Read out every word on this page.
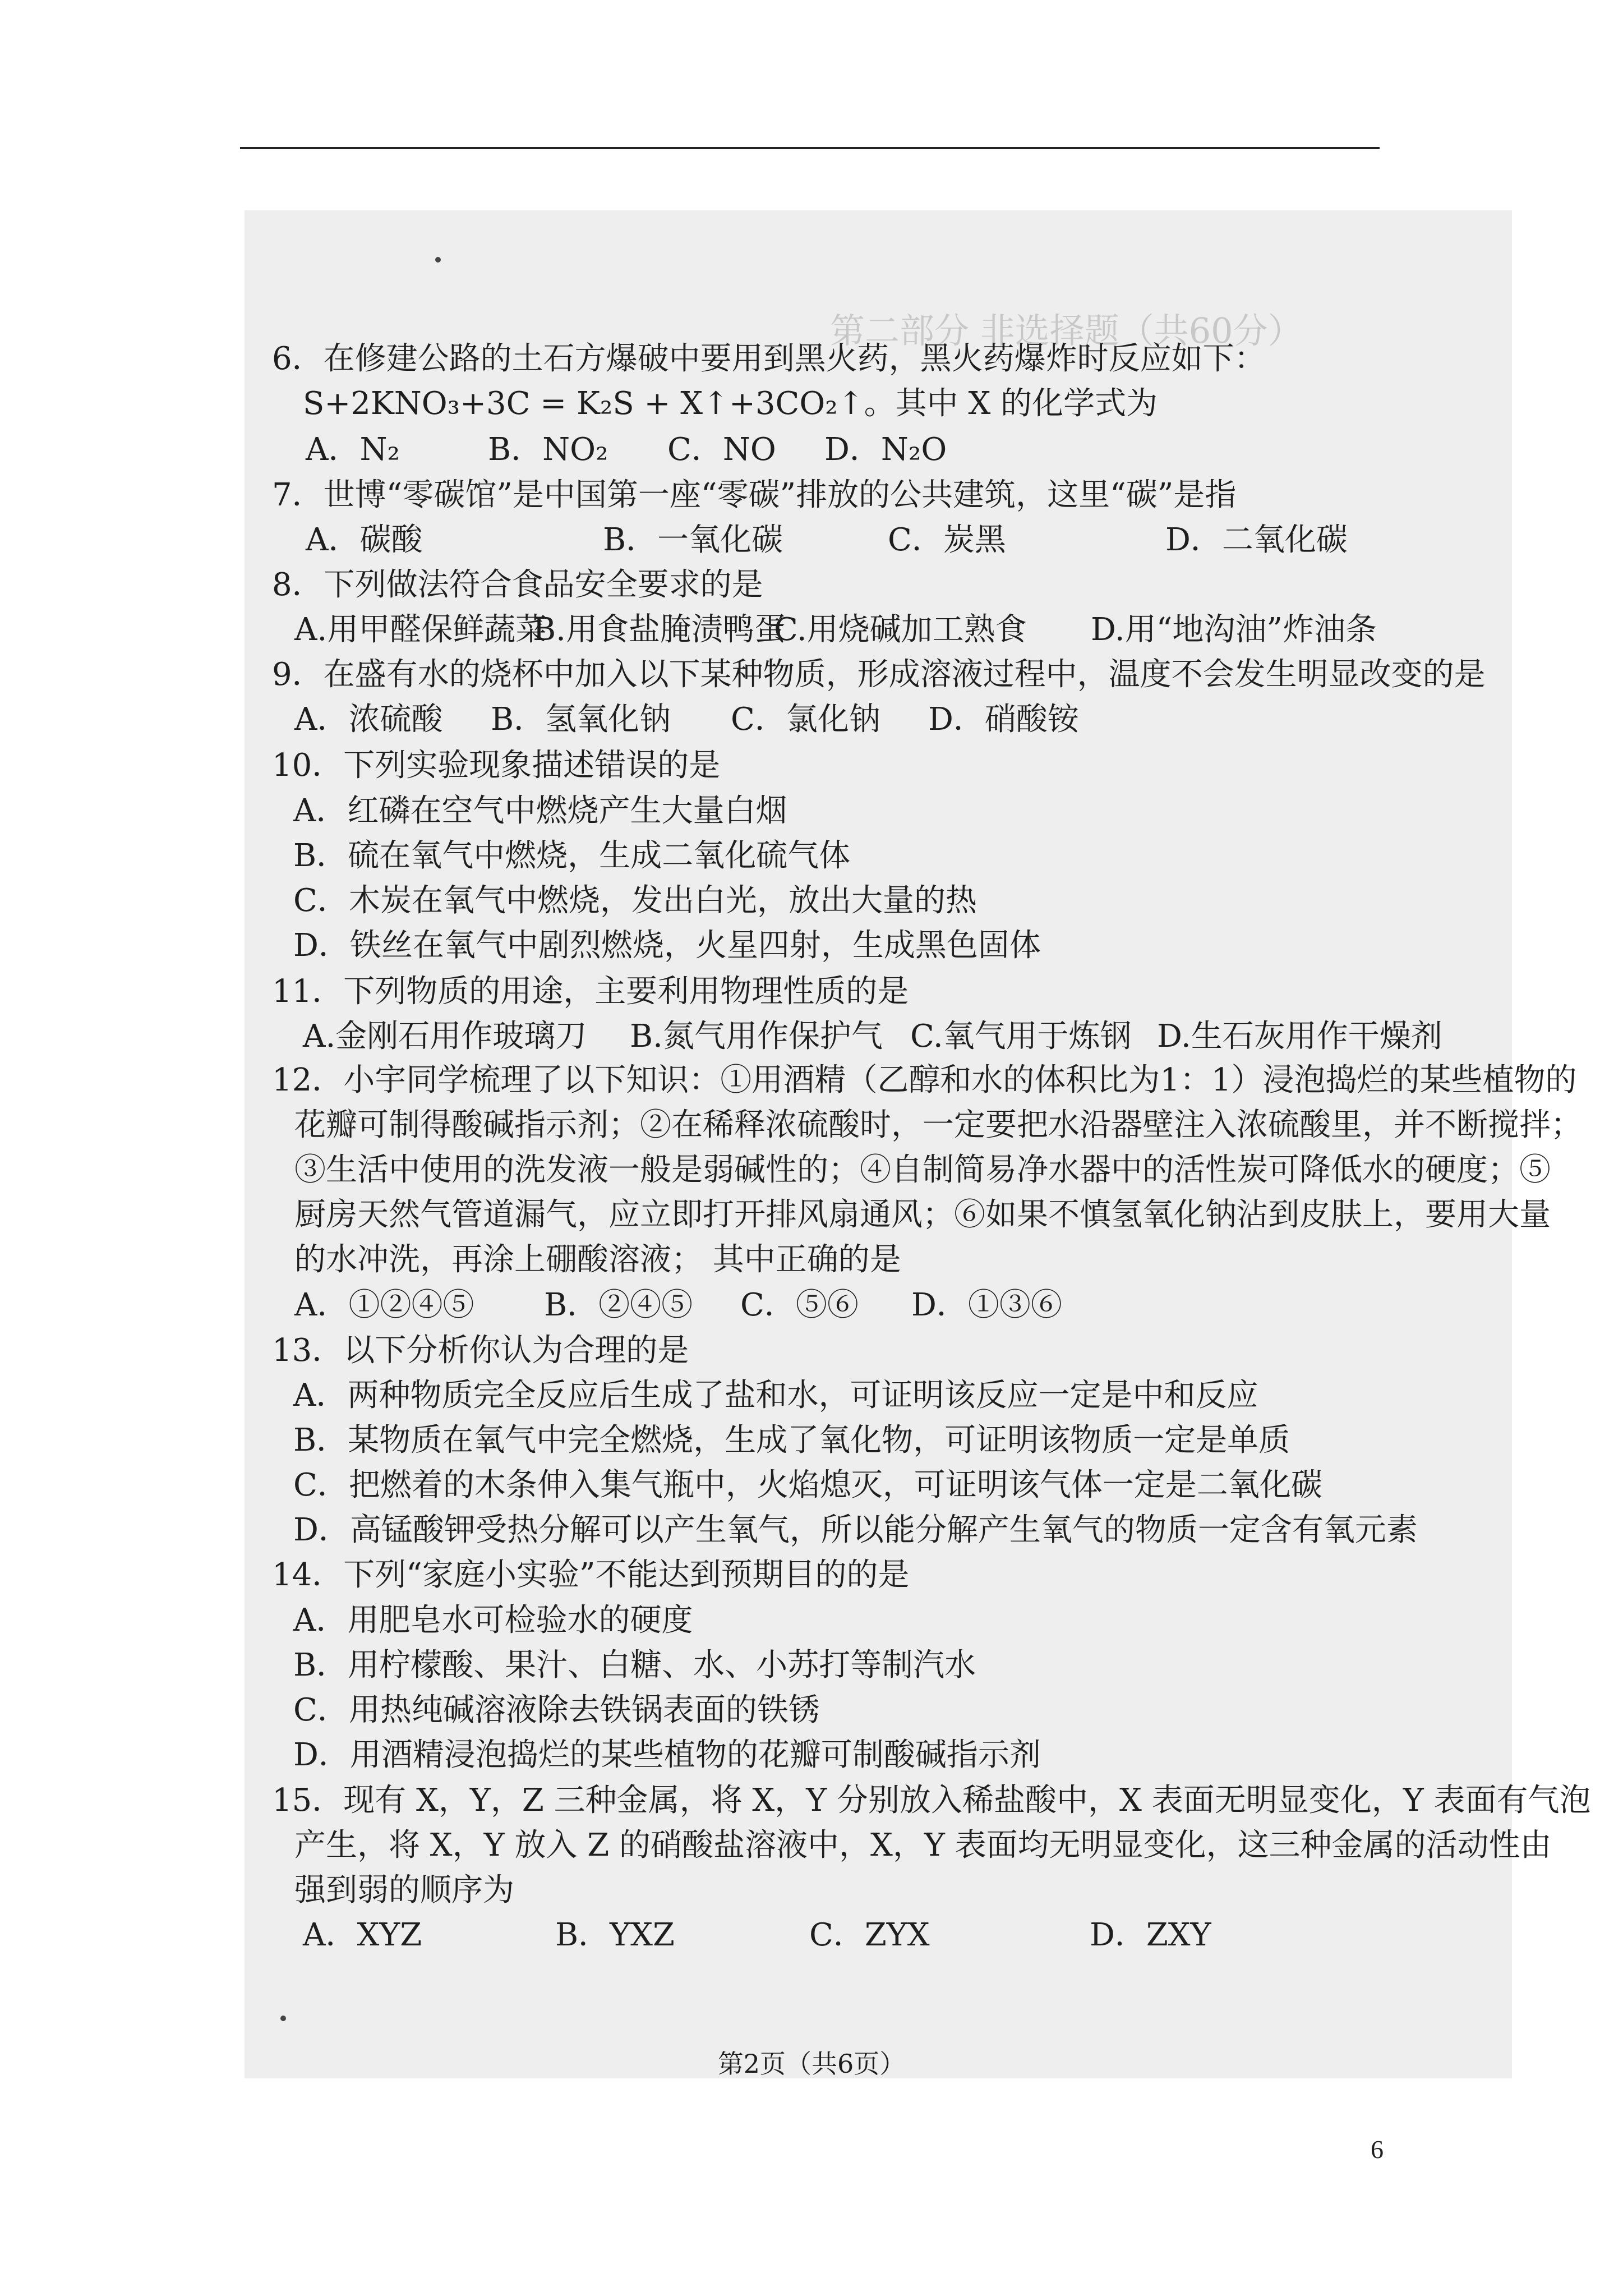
第二部分 非选择题（共60分）
6．在修建公路的土石方爆破中要用到黑火药，黑火药爆炸时反应如下：
S+2KNO₃+3C = K₂S + X↑+3CO₂↑。其中 X 的化学式为
A．N₂	B．NO₂ C．NO D．N₂O
7．世博“零碳馆”是中国第一座“零碳”排放的公共建筑，这里“碳”是指
A．碳酸	B．一氧化碳	C．炭黑	D．二氧化碳
8．下列做法符合食品安全要求的是
A.用甲醛保鲜蔬菜
B.用食盐腌渍鸭蛋
C.用烧碱加工熟食 D.用“地沟油”炸油条
9．在盛有水的烧杯中加入以下某种物质，形成溶液过程中，温度不会发生明显改变的是
A．浓硫酸 B．氢氧化钠 C．氯化钠 D．硝酸铵
10．下列实验现象描述错误的是
A．红磷在空气中燃烧产生大量白烟
B．硫在氧气中燃烧，生成二氧化硫气体
C．木炭在氧气中燃烧，发出白光，放出大量的热
D．铁丝在氧气中剧烈燃烧，火星四射，生成黑色固体
11．下列物质的用途，主要利用物理性质的是
A.金刚石用作玻璃刀 B.氮气用作保护气 C.氧气用于炼钢 D.生石灰用作干燥剂
12．小宇同学梳理了以下知识：①用酒精（乙醇和水的体积比为1：1）浸泡捣烂的某些植物的
花瓣可制得酸碱指示剂；②在稀释浓硫酸时，一定要把水沿器壁注入浓硫酸里，并不断搅拌；
③生活中使用的洗发液一般是弱碱性的；④自制简易净水器中的活性炭可降低水的硬度；⑤
厨房天然气管道漏气，应立即打开排风扇通风；⑥如果不慎氢氧化钠沾到皮肤上，要用大量
的水冲洗，再涂上硼酸溶液； 其中正确的是
A．①②④⑤ B．②④⑤ C．⑤⑥ D．①③⑥
13．以下分析你认为合理的是
A．两种物质完全反应后生成了盐和水，可证明该反应一定是中和反应
B．某物质在氧气中完全燃烧，生成了氧化物，可证明该物质一定是单质
C．把燃着的木条伸入集气瓶中，火焰熄灭，可证明该气体一定是二氧化碳
D．高锰酸钾受热分解可以产生氧气，所以能分解产生氧气的物质一定含有氧元素
14．下列“家庭小实验”不能达到预期目的的是
A．用肥皂水可检验水的硬度
B．用柠檬酸、果汁、白糖、水、小苏打等制汽水
C．用热纯碱溶液除去铁锅表面的铁锈
D．用酒精浸泡捣烂的某些植物的花瓣可制酸碱指示剂
15．现有 X，Y，Z 三种金属，将 X，Y 分别放入稀盐酸中，X 表面无明显变化，Y 表面有气泡
产生，将 X，Y 放入 Z 的硝酸盐溶液中，X，Y 表面均无明显变化，这三种金属的活动性由
强到弱的顺序为
A．XYZ	B．YXZ	C．ZYX	D．ZXY
第2页（共6页）
6
